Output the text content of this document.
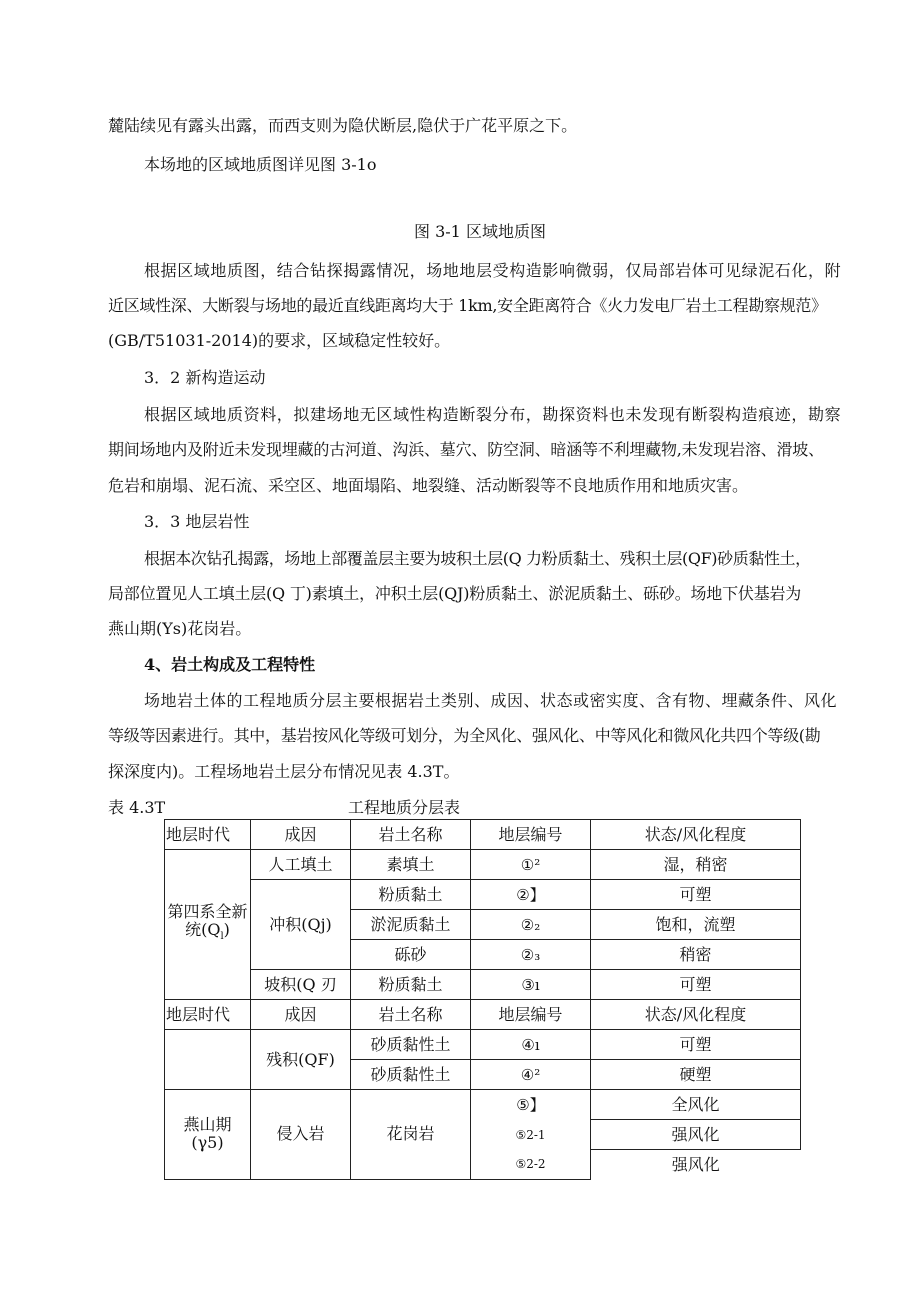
麓陆续见有露头出露，而西支则为隐伏断层,隐伏于广花平原之下。
本场地的区域地质图详见图 3-1o
图 3-1 区域地质图
根据区域地质图，结合钻探揭露情况，场地地层受构造影响微弱，仅局部岩体可见绿泥石化，附
近区域性深、大断裂与场地的最近直线距离均大于 1km,安全距离符合《火力发电厂岩土工程勘察规范》
(GB/T51031-2014)的要求，区域稳定性较好。
3．2 新构造运动
根据区域地质资料，拟建场地无区域性构造断裂分布，勘探资料也未发现有断裂构造痕迹，勘察
期间场地内及附近未发现埋藏的古河道、沟浜、墓穴、防空洞、暗涵等不利埋藏物,未发现岩溶、滑坡、
危岩和崩塌、泥石流、采空区、地面塌陷、地裂缝、活动断裂等不良地质作用和地质灾害。
3．3 地层岩性
根据本次钻孔揭露，场地上部覆盖层主要为坡积土层(Q 力粉质黏土、残积土层(QF)砂质黏性土，
局部位置见人工填土层(Q 丁)素填土，冲积土层(QJ)粉质黏土、淤泥质黏土、砾砂。场地下伏基岩为
燕山期(Ys)花岗岩。
4、岩土构成及工程特性
场地岩土体的工程地质分层主要根据岩土类别、成因、状态或密实度、含有物、埋藏条件、风化
等级等因素进行。其中，基岩按风化等级可划分，为全风化、强风化、中等风化和微风化共四个等级(勘
探深度内)。工程场地岩土层分布情况见表 4.3T。
表 4.3T	工程地质分层表
地层时代	成因	岩土名称	地层编号	状态/风化程度
第四系全新统$(Q_l)$	人工填土	素填土	①²	湿，稍密
	冲积(Qj)	粉质黏土	②】	可塑
		淤泥质黏土	②₂	饱和，流塑
		砾砂	②₃	稍密
	坡积(Q 刃	粉质黏土	③ı	可塑
地层时代	成因	岩土名称	地层编号	状态/风化程度
	残积(QF)	砂质黏性土	④ı	可塑
		砂质黏性土	④²	硬塑
燕山期(γ5)	侵入岩	花岗岩	⑤】	全风化
			⑤2-1	强风化
			⑤2-2	强风化
